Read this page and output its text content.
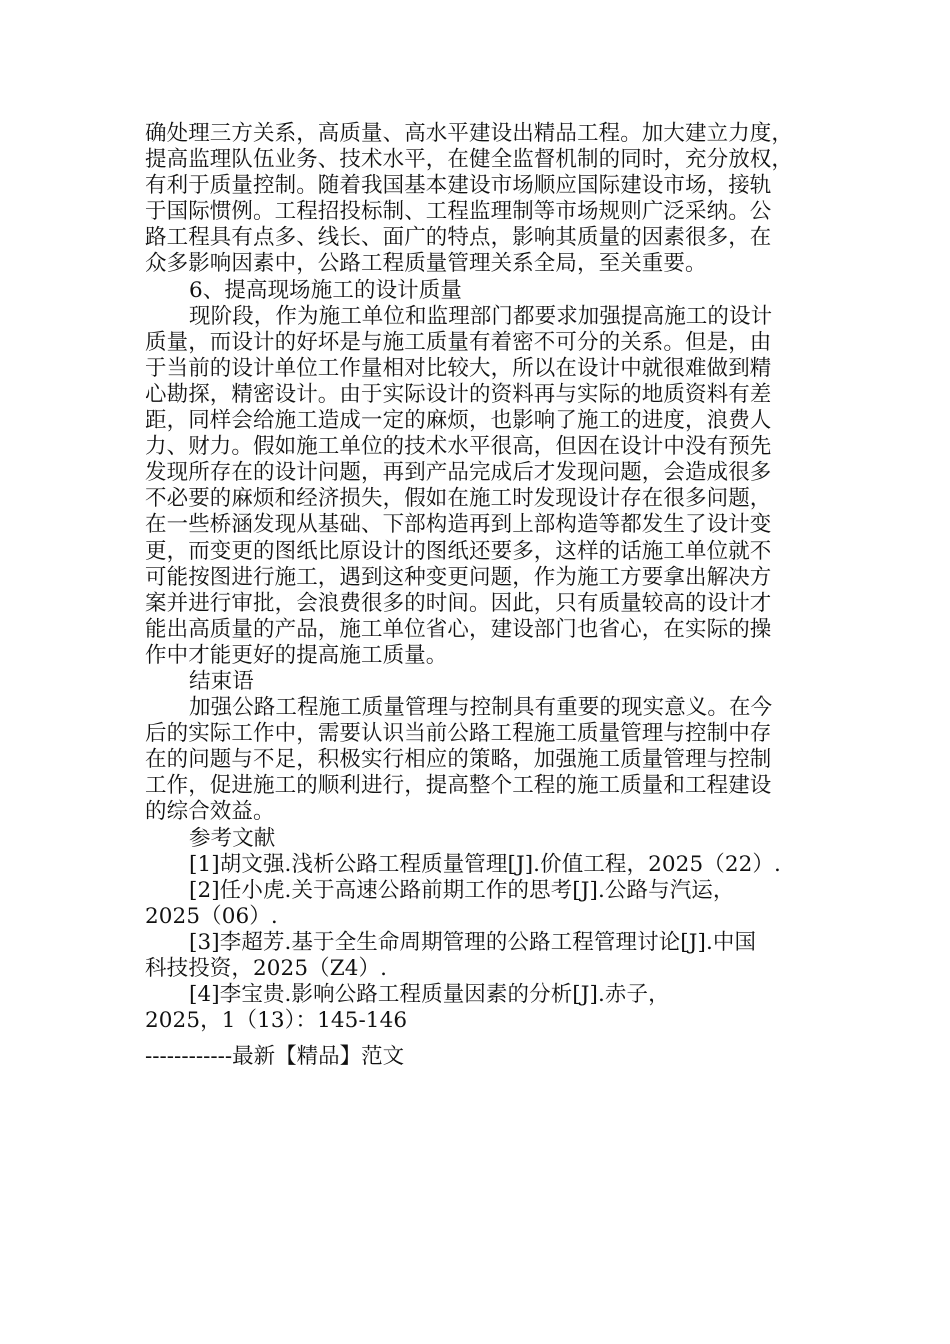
确处理三方关系，高质量、高水平建设出精品工程。加大建立力度，
提高监理队伍业务、技术水平，在健全监督机制的同时，充分放权，
有利于质量控制。随着我国基本建设市场顺应国际建设市场，接轨
于国际惯例。工程招投标制、工程监理制等市场规则广泛采纳。公
路工程具有点多、线长、面广的特点，影响其质量的因素很多，在
众多影响因素中，公路工程质量管理关系全局，至关重要。
6、提高现场施工的设计质量
现阶段，作为施工单位和监理部门都要求加强提高施工的设计
质量，而设计的好坏是与施工质量有着密不可分的关系。但是，由
于当前的设计单位工作量相对比较大，所以在设计中就很难做到精
心勘探，精密设计。由于实际设计的资料再与实际的地质资料有差
距，同样会给施工造成一定的麻烦，也影响了施工的进度，浪费人
力、财力。假如施工单位的技术水平很高，但因在设计中没有预先
发现所存在的设计问题，再到产品完成后才发现问题，会造成很多
不必要的麻烦和经济损失，假如在施工时发现设计存在很多问题，
在一些桥涵发现从基础、下部构造再到上部构造等都发生了设计变
更，而变更的图纸比原设计的图纸还要多，这样的话施工单位就不
可能按图进行施工，遇到这种变更问题，作为施工方要拿出解决方
案并进行审批，会浪费很多的时间。因此，只有质量较高的设计才
能出高质量的产品，施工单位省心，建设部门也省心，在实际的操
作中才能更好的提高施工质量。
结束语
加强公路工程施工质量管理与控制具有重要的现实意义。在今
后的实际工作中，需要认识当前公路工程施工质量管理与控制中存
在的问题与不足，积极实行相应的策略，加强施工质量管理与控制
工作，促进施工的顺利进行，提高整个工程的施工质量和工程建设
的综合效益。
参考文献
[1]胡文强.浅析公路工程质量管理[J].价值工程，2025（22）.
[2]任小虎.关于高速公路前期工作的思考[J].公路与汽运，
2025（06）.
[3]李超芳.基于全生命周期管理的公路工程管理讨论[J].中国
科技投资，2025（Z4）.
[4]李宝贵.影响公路工程质量因素的分析[J].赤子，
2025，1（13）：145-146
------------最新【精品】范文
